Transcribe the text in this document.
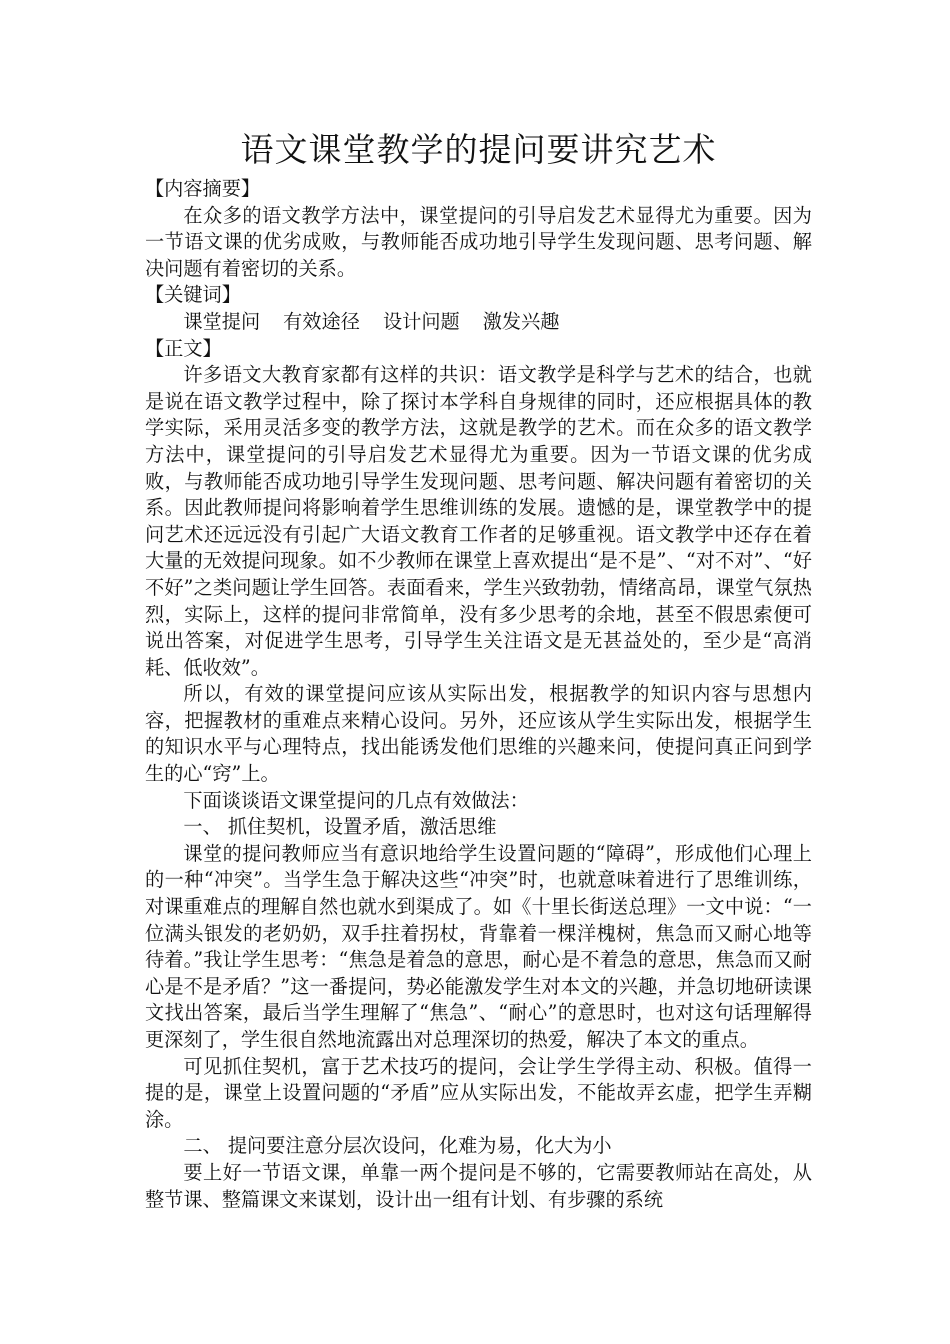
语文课堂教学的提问要讲究艺术

【内容摘要】

在众多的语文教学方法中，课堂提问的引导启发艺术显得尤为重要。因为一节语文课的优劣成败，与教师能否成功地引导学生发现问题、思考问题、解决问题有着密切的关系。

【关键词】

课堂提问 有效途径 设计问题 激发兴趣

【正文】

许多语文大教育家都有这样的共识：语文教学是科学与艺术的结合，也就是说在语文教学过程中，除了探讨本学科自身规律的同时，还应根据具体的教学实际，采用灵活多变的教学方法，这就是教学的艺术。而在众多的语文教学方法中，课堂提问的引导启发艺术显得尤为重要。因为一节语文课的优劣成败，与教师能否成功地引导学生发现问题、思考问题、解决问题有着密切的关系。因此教师提问将影响着学生思维训练的发展。遗憾的是，课堂教学中的提问艺术还远远没有引起广大语文教育工作者的足够重视。语文教学中还存在着大量的无效提问现象。如不少教师在课堂上喜欢提出“是不是”、“对不对”、“好不好”之类问题让学生回答。表面看来，学生兴致勃勃，情绪高昂，课堂气氛热烈，实际上，这样的提问非常简单，没有多少思考的余地，甚至不假思索便可说出答案，对促进学生思考，引导学生关注语文是无甚益处的，至少是“高消耗、低收效”。

所以，有效的课堂提问应该从实际出发，根据教学的知识内容与思想内容，把握教材的重难点来精心设问。另外，还应该从学生实际出发，根据学生的知识水平与心理特点，找出能诱发他们思维的兴趣来问，使提问真正问到学生的心“窍”上。

下面谈谈语文课堂提问的几点有效做法：

一、 抓住契机，设置矛盾，激活思维

课堂的提问教师应当有意识地给学生设置问题的“障碍”，形成他们心理上的一种“冲突”。当学生急于解决这些“冲突”时，也就意味着进行了思维训练，对课重难点的理解自然也就水到渠成了。如《十里长街送总理》一文中说：“一位满头银发的老奶奶，双手拄着拐杖，背靠着一棵洋槐树，焦急而又耐心地等待着。”我让学生思考：“焦急是着急的意思，耐心是不着急的意思，焦急而又耐心是不是矛盾？”这一番提问，势必能激发学生对本文的兴趣，并急切地研读课文找出答案，最后当学生理解了“焦急”、“耐心”的意思时，也对这句话理解得更深刻了，学生很自然地流露出对总理深切的热爱，解决了本文的重点。

可见抓住契机，富于艺术技巧的提问，会让学生学得主动、积极。值得一提的是，课堂上设置问题的“矛盾”应从实际出发，不能故弄玄虚，把学生弄糊涂。

二、 提问要注意分层次设问，化难为易，化大为小

要上好一节语文课，单靠一两个提问是不够的，它需要教师站在高处，从整节课、整篇课文来谋划，设计出一组有计划、有步骤的系统
